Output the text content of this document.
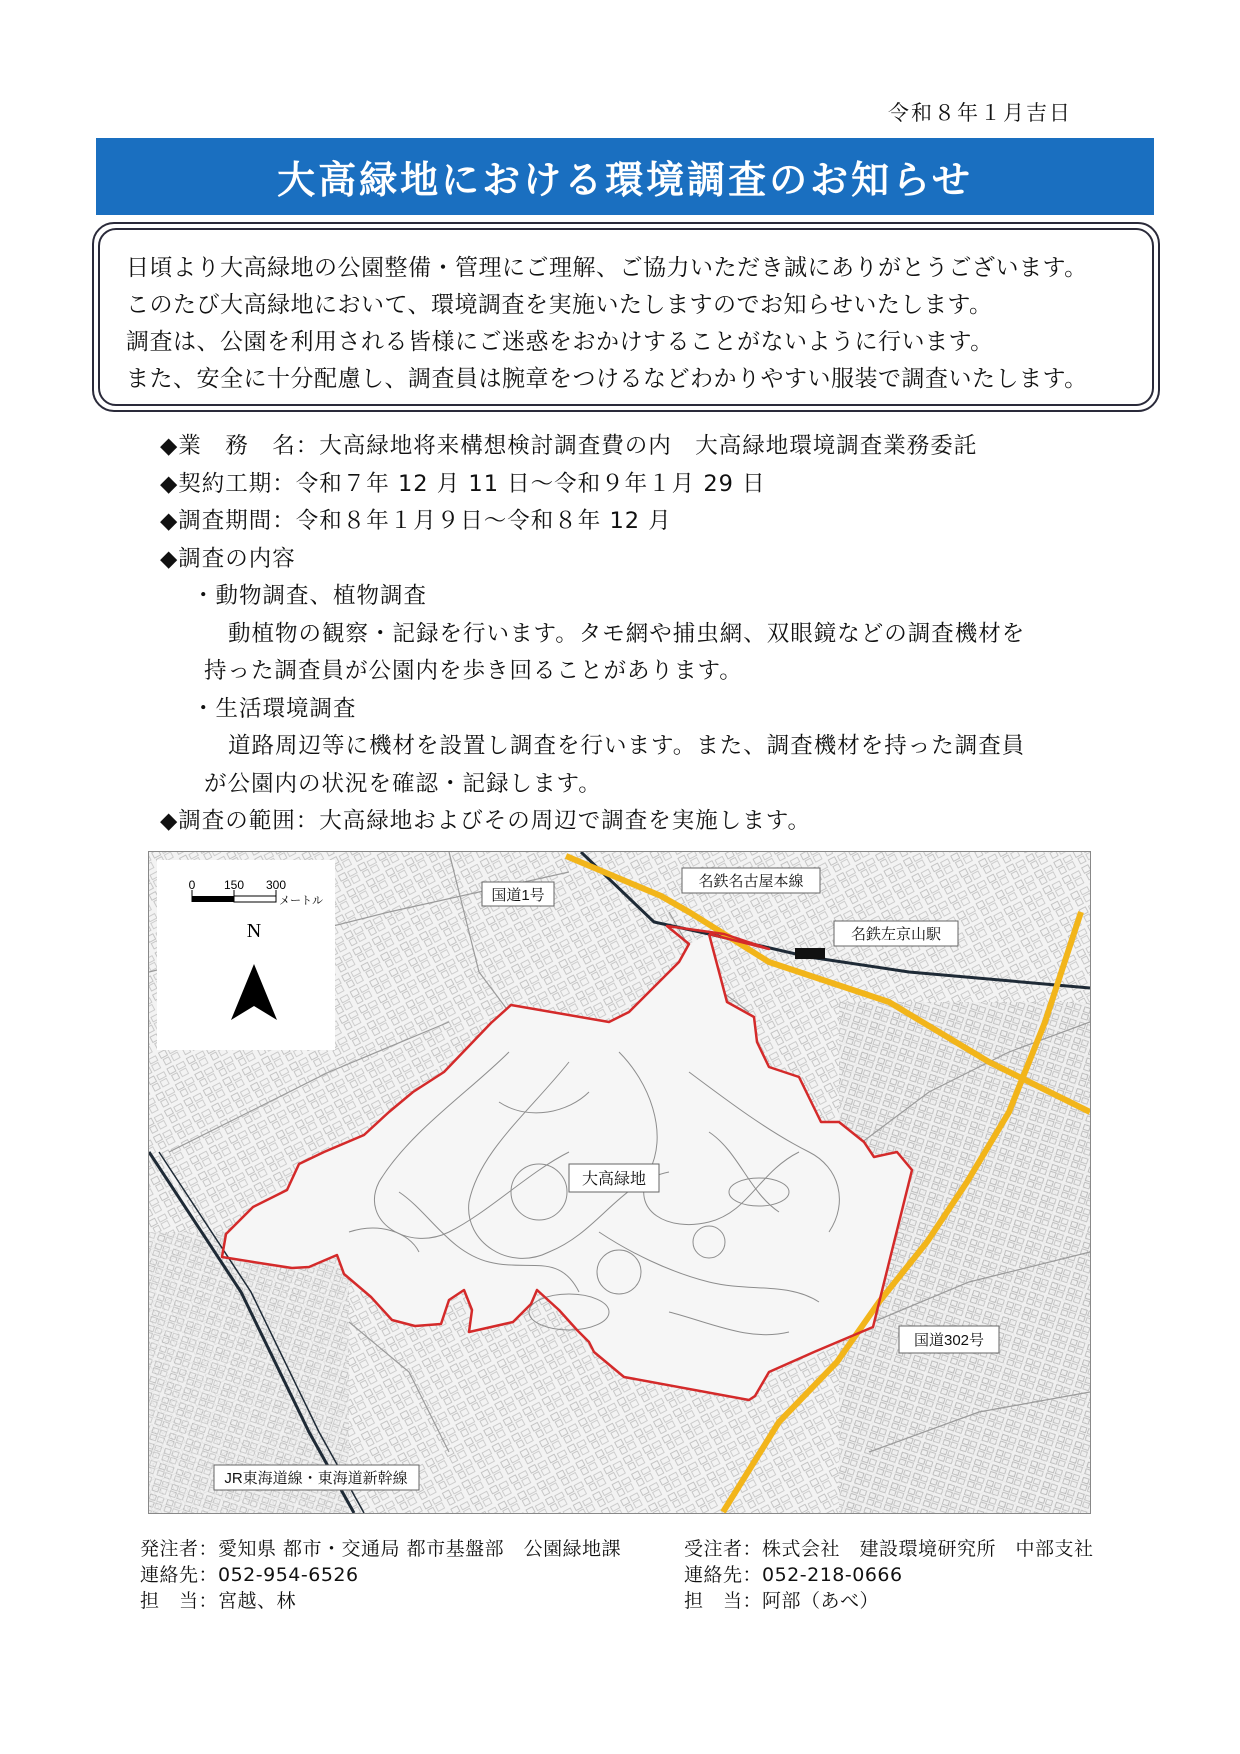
令和８年１月吉日
大高緑地における環境調査のお知らせ
日頃より大高緑地の公園整備・管理にご理解、ご協力いただき誠にありがとうございます。
このたび大高緑地において、環境調査を実施いたしますのでお知らせいたします。
調査は、公園を利用される皆様にご迷惑をおかけすることがないように行います。
また、安全に十分配慮し、調査員は腕章をつけるなどわかりやすい服装で調査いたします。
◆業　務　名：大高緑地将来構想検討調査費の内　大高緑地環境調査業務委託
◆契約工期：令和７年 12 月 11 日～令和９年１月 29 日
◆調査期間：令和８年１月９日～令和８年 12 月
◆調査の内容
・動物調査、植物調査
動植物の観察・記録を行います。タモ網や捕虫網、双眼鏡などの調査機材を
持った調査員が公園内を歩き回ることがあります。
・生活環境調査
道路周辺等に機材を設置し調査を行います。また、調査機材を持った調査員
が公園内の状況を確認・記録します。
◆調査の範囲：大高緑地およびその周辺で調査を実施します。
0 150 300
メートル
N
国道1号
名鉄名古屋本線
名鉄左京山駅
大高緑地
国道302号
JR東海道線・東海道新幹線
発注者：愛知県 都市・交通局 都市基盤部　公園緑地課
連絡先：052-954-6526
担　当：宮越、林
受注者：株式会社　建設環境研究所　中部支社
連絡先：052-218-0666
担　当：阿部（あべ）
